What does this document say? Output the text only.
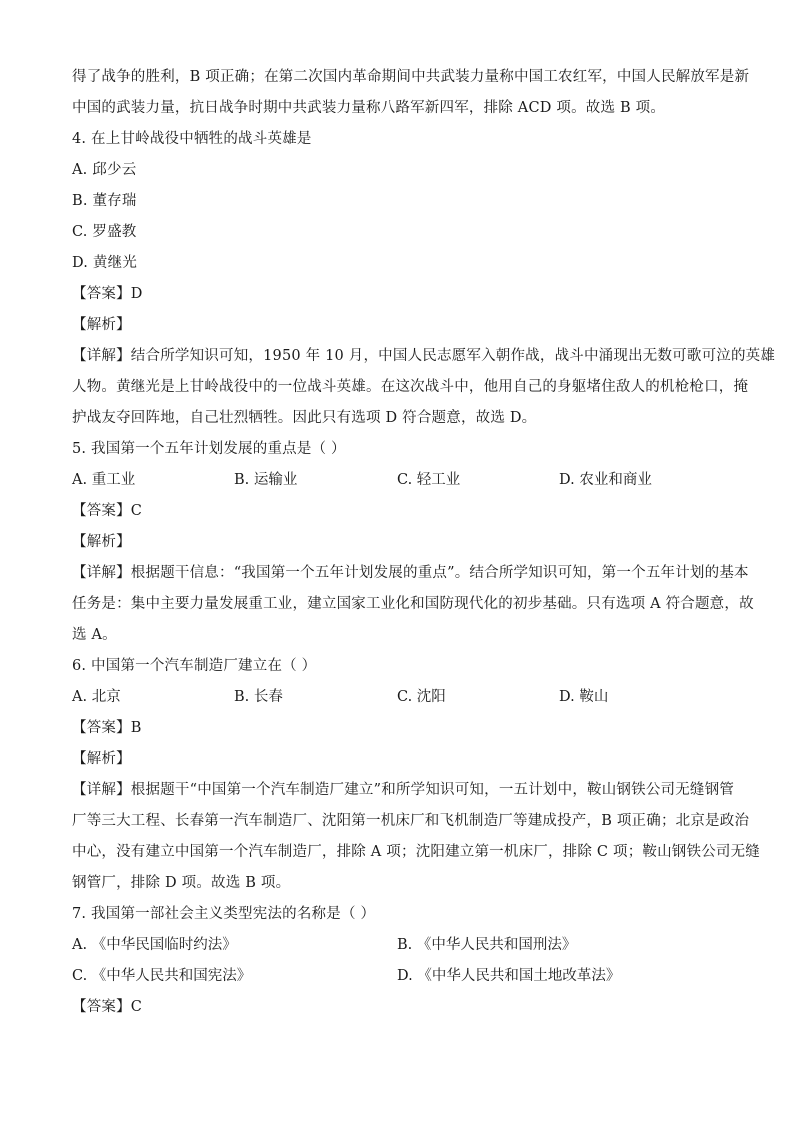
得了战争的胜利，B 项正确；在第二次国内革命期间中共武装力量称中国工农红军，中国人民解放军是新
中国的武装力量，抗日战争时期中共武装力量称八路军新四军，排除 ACD 项。故选 B 项。
4. 在上甘岭战役中牺牲的战斗英雄是
A. 邱少云
B. 董存瑞
C. 罗盛教
D. 黄继光
【答案】D
【解析】
【详解】结合所学知识可知，1950 年 10 月，中国人民志愿军入朝作战，战斗中涌现出无数可歌可泣的英雄
人物。黄继光是上甘岭战役中的一位战斗英雄。在这次战斗中，他用自己的身躯堵住敌人的机枪枪口，掩
护战友夺回阵地，自己壮烈牺牲。因此只有选项 D 符合题意，故选 D。
5. 我国第一个五年计划发展的重点是（ ）
A. 重工业	B. 运输业	C. 轻工业	D. 农业和商业
【答案】C
【解析】
【详解】根据题干信息：“我国第一个五年计划发展的重点”。结合所学知识可知，第一个五年计划的基本
任务是：集中主要力量发展重工业，建立国家工业化和国防现代化的初步基础。只有选项 A 符合题意，故
选 A。
6. 中国第一个汽车制造厂建立在（ ）
A. 北京	B. 长春	C. 沈阳	D. 鞍山
【答案】B
【解析】
【详解】根据题干“中国第一个汽车制造厂建立”和所学知识可知，一五计划中，鞍山钢铁公司无缝钢管
厂等三大工程、长春第一汽车制造厂、沈阳第一机床厂和飞机制造厂等建成投产，B 项正确；北京是政治
中心，没有建立中国第一个汽车制造厂，排除 A 项；沈阳建立第一机床厂，排除 C 项；鞍山钢铁公司无缝
钢管厂，排除 D 项。故选 B 项。
7. 我国第一部社会主义类型宪法的名称是（ ）
A. 《中华民国临时约法》	B. 《中华人民共和国刑法》
C. 《中华人民共和国宪法》	D. 《中华人民共和国土地改革法》
【答案】C
